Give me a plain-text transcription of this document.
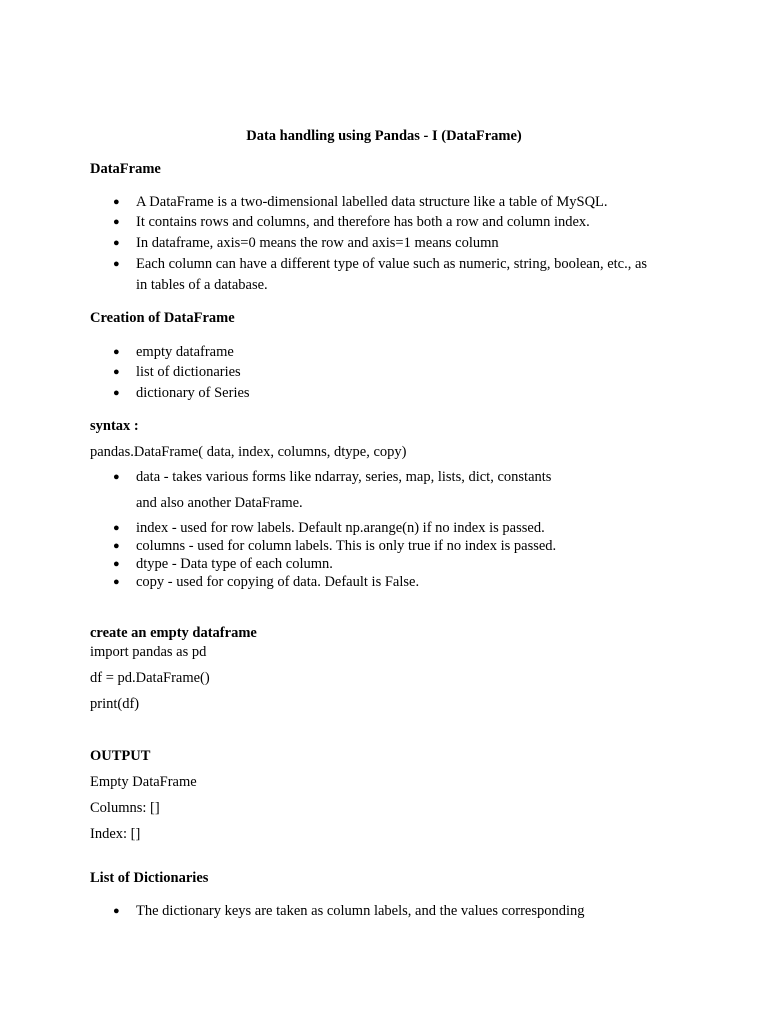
Data handling using Pandas - I (DataFrame)
DataFrame
● A DataFrame is a two-dimensional labelled data structure like a table of MySQL.
● It contains rows and columns, and therefore has both a row and column index.
● In dataframe, axis=0 means the row and axis=1 means column
● Each column can have a different type of value such as numeric, string, boolean, etc., as
in tables of a database.
Creation of DataFrame
● empty dataframe
● list of dictionaries
● dictionary of Series
syntax :
pandas.DataFrame( data, index, columns, dtype, copy)
● data - takes various forms like ndarray, series, map, lists, dict, constants
and also another DataFrame.
● index - used for row labels. Default np.arange(n) if no index is passed.
● columns - used for column labels. This is only true if no index is passed.
● dtype - Data type of each column.
● copy - used for copying of data. Default is False.
create an empty dataframe
import pandas as pd
df = pd.DataFrame()
print(df)
OUTPUT
Empty DataFrame
Columns: []
Index: []
List of Dictionaries
● The dictionary keys are taken as column labels, and the values corresponding
